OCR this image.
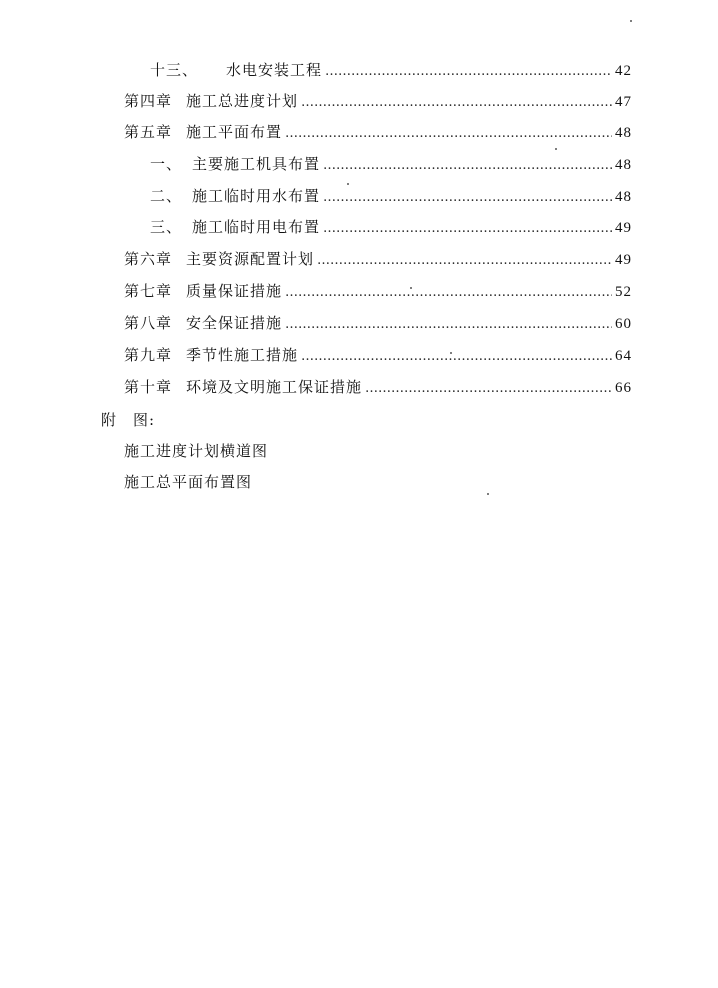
十三、	水电安装工程 ……………………………………………………………………………………………………………………………………………………	42
第四章 施工总进度计划 ……………………………………………………………………………………………………………………………………………………	47
第五章 施工平面布置 ……………………………………………………………………………………………………………………………………………………	48
一、 主要施工机具布置 ……………………………………………………………………………………………………………………………………………………	48
二、 施工临时用水布置 ……………………………………………………………………………………………………………………………………………………	48
三、 施工临时用电布置 ……………………………………………………………………………………………………………………………………………………	49
第六章 主要资源配置计划 ……………………………………………………………………………………………………………………………………………………	49
第七章 质量保证措施 ……………………………………………………………………………………………………………………………………………………	52
第八章 安全保证措施 ……………………………………………………………………………………………………………………………………………………	60
第九章 季节性施工措施 ……………………………………………………………………………………………………………………………………………………	64
第十章 环境及文明施工保证措施 ……………………………………………………………………………………………………………………………………………………	66
附　图:
施工进度计划横道图
施工总平面布置图
